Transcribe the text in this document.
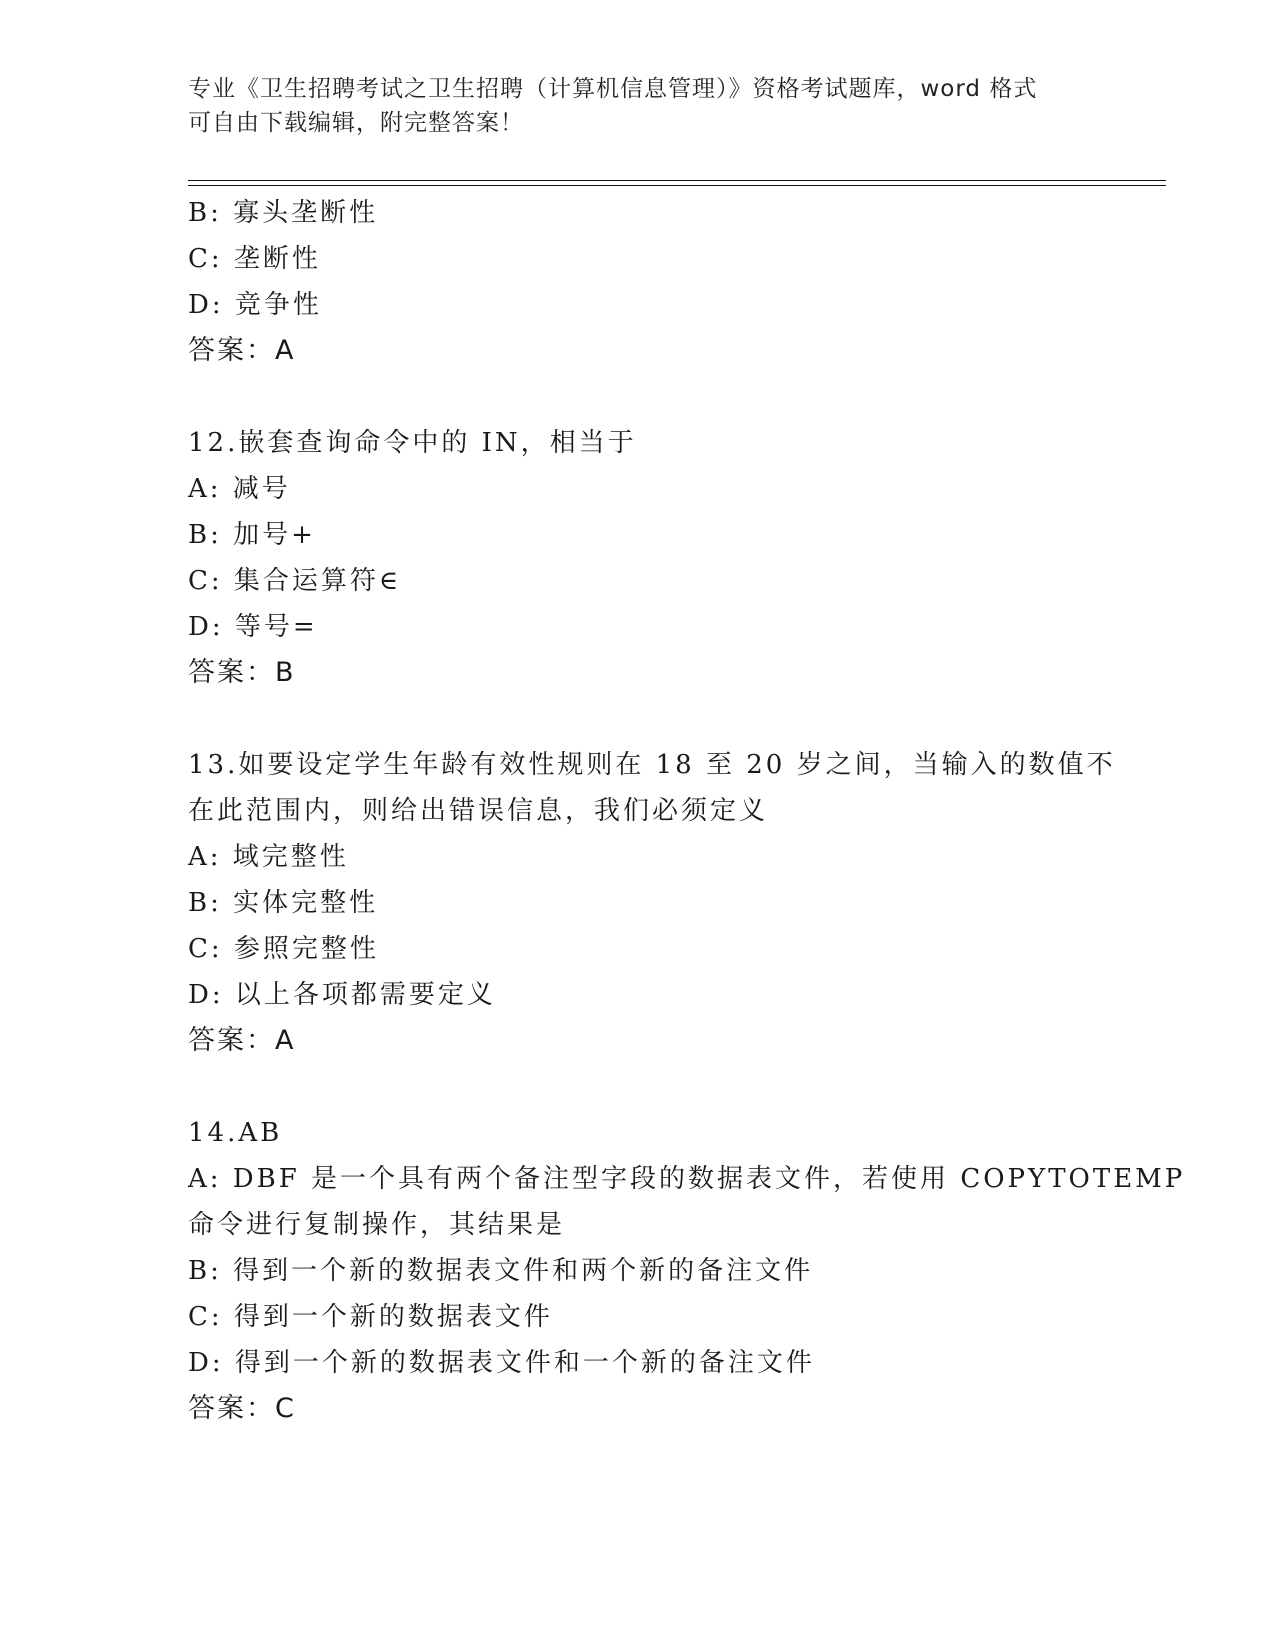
专业《卫生招聘考试之卫生招聘（计算机信息管理）》资格考试题库，word 格式
可自由下载编辑，附完整答案！
B: 寡头垄断性
C: 垄断性
D: 竞争性
答案：A
12.嵌套查询命令中的 IN，相当于
A: 减号
B: 加号+
C: 集合运算符∈
D: 等号=
答案：B
13.如要设定学生年龄有效性规则在 18 至 20 岁之间，当输入的数值不
在此范围内，则给出错误信息，我们必须定义
A: 域完整性
B: 实体完整性
C: 参照完整性
D: 以上各项都需要定义
答案：A
14.AB
A: DBF 是一个具有两个备注型字段的数据表文件，若使用 COPYTOTEMP
命令进行复制操作，其结果是
B: 得到一个新的数据表文件和两个新的备注文件
C: 得到一个新的数据表文件
D: 得到一个新的数据表文件和一个新的备注文件
答案：C
